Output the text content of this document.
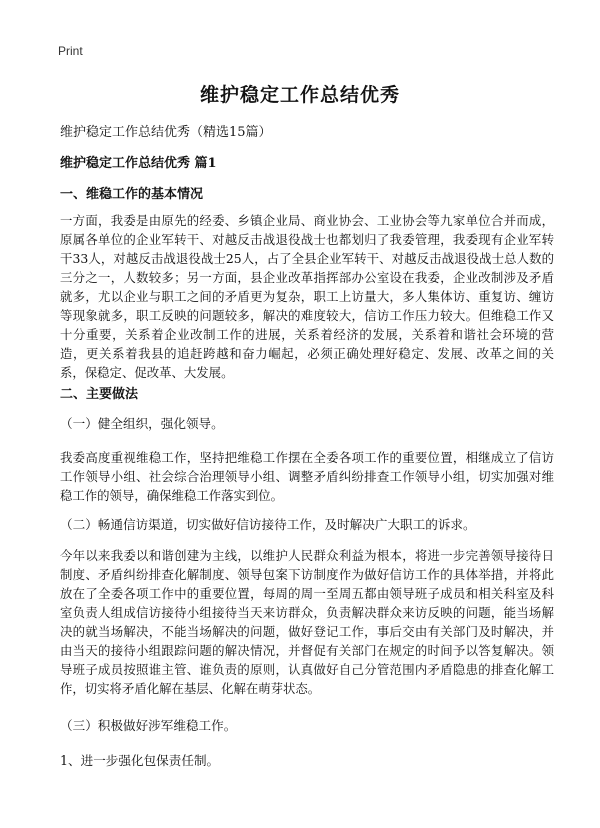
Print
维护稳定工作总结优秀
维护稳定工作总结优秀（精选15篇）
维护稳定工作总结优秀 篇1
一、维稳工作的基本情况

一方面，我委是由原先的经委、乡镇企业局、商业协会、工业协会等九家单位合并而成，原属各单位的企业军转干、对越反击战退役战士也都划归了我委管理，我委现有企业军转干33人，对越反击战退役战士25人，占了全县企业军转干、对越反击战退役战士总人数的三分之一，人数较多；另一方面，县企业改革指挥部办公室设在我委，企业改制涉及矛盾就多，尤以企业与职工之间的矛盾更为复杂，职工上访量大，多人集体访、重复访、缠访等现象就多，职工反映的问题较多，解决的难度较大，信访工作压力较大。但维稳工作又十分重要，关系着企业改制工作的进展，关系着经济的发展，关系着和谐社会环境的营造，更关系着我县的追赶跨越和奋力崛起，必须正确处理好稳定、发展、改革之间的关系，保稳定、促改革、大发展。

二、主要做法

（一）健全组织，强化领导。

我委高度重视维稳工作，坚持把维稳工作摆在全委各项工作的重要位置，相继成立了信访工作领导小组、社会综合治理领导小组、调整矛盾纠纷排查工作领导小组，切实加强对维稳工作的领导，确保维稳工作落实到位。

（二）畅通信访渠道，切实做好信访接待工作，及时解决广大职工的诉求。

今年以来我委以和谐创建为主线，以维护人民群众利益为根本，将进一步完善领导接待日制度、矛盾纠纷排查化解制度、领导包案下访制度作为做好信访工作的具体举措，并将此放在了全委各项工作中的重要位置，每周的周一至周五都由领导班子成员和相关科室及科室负责人组成信访接待小组接待当天来访群众，负责解决群众来访反映的问题，能当场解决的就当场解决，不能当场解决的问题，做好登记工作，事后交由有关部门及时解决，并由当天的接待小组跟踪问题的解决情况，并督促有关部门在规定的时间予以答复解决。领导班子成员按照谁主管、谁负责的原则，认真做好自己分管范围内矛盾隐患的排查化解工作，切实将矛盾化解在基层、化解在萌芽状态。

（三）积极做好涉军维稳工作。

1、进一步强化包保责任制。
